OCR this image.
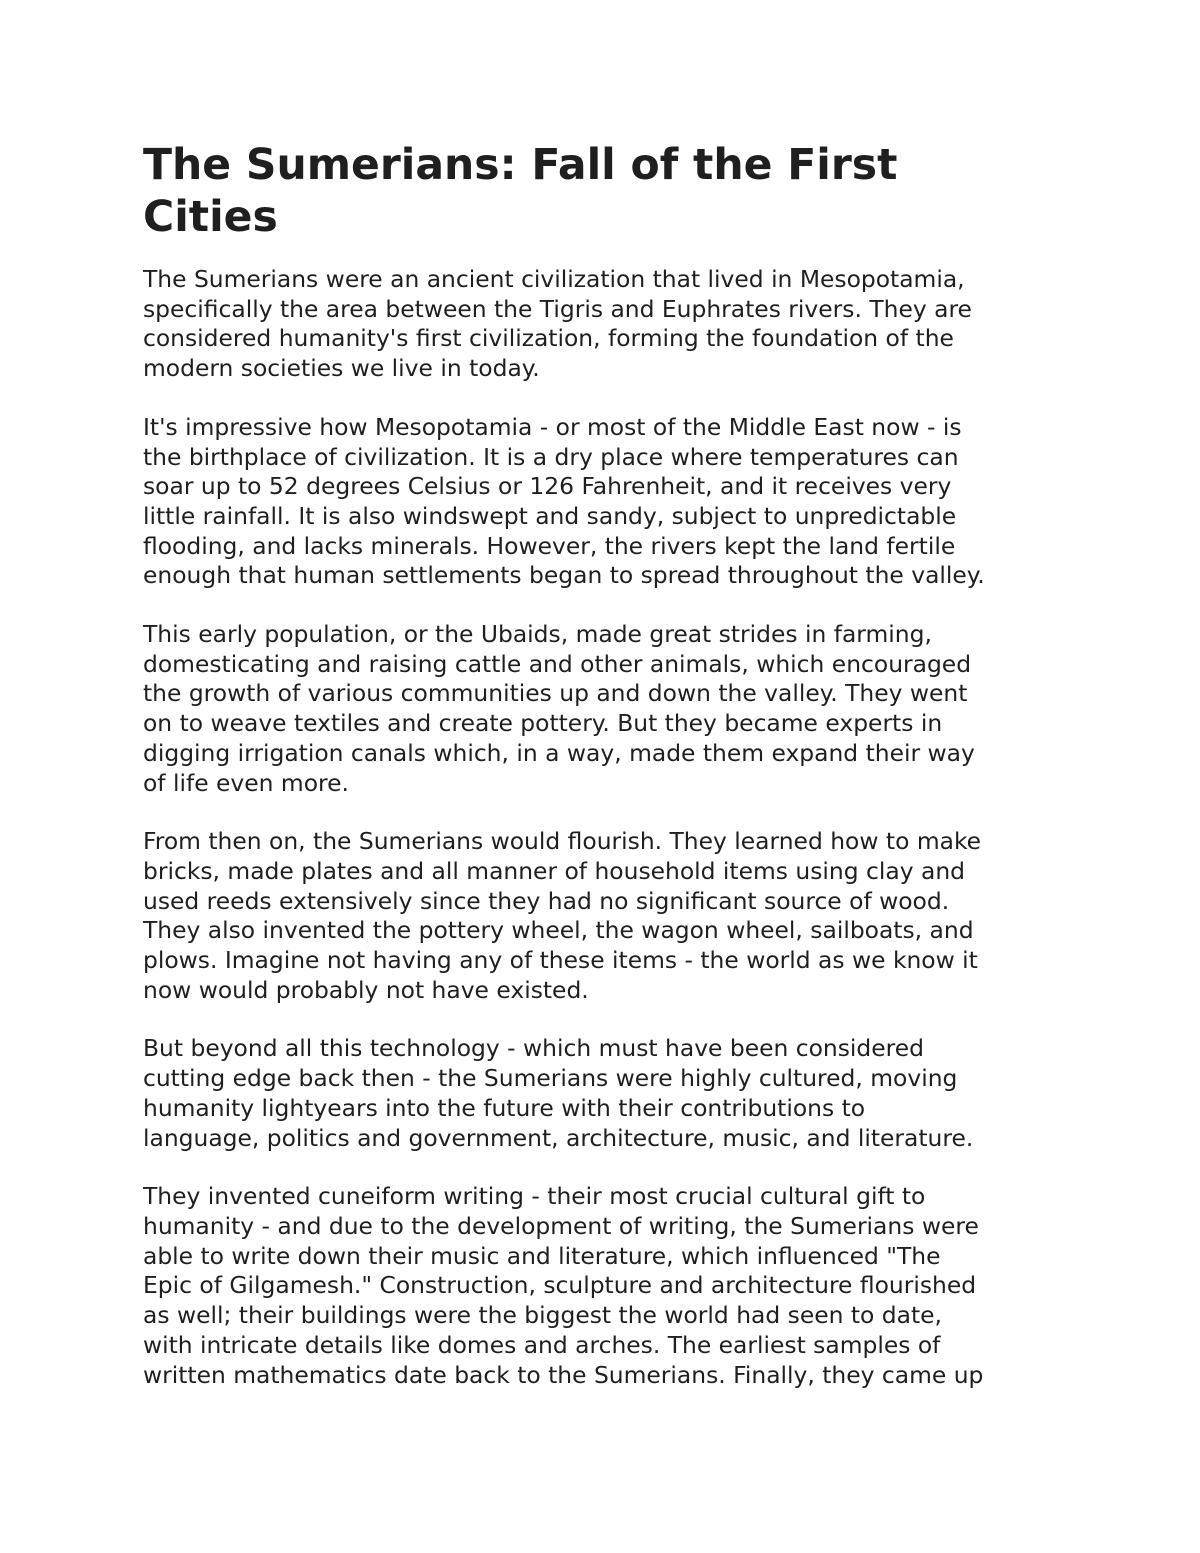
The Sumerians: Fall of the First
Cities

The Sumerians were an ancient civilization that lived in Mesopotamia,
specifically the area between the Tigris and Euphrates rivers. They are
considered humanity's first civilization, forming the foundation of the
modern societies we live in today.

It's impressive how Mesopotamia - or most of the Middle East now - is
the birthplace of civilization. It is a dry place where temperatures can
soar up to 52 degrees Celsius or 126 Fahrenheit, and it receives very
little rainfall. It is also windswept and sandy, subject to unpredictable
flooding, and lacks minerals. However, the rivers kept the land fertile
enough that human settlements began to spread throughout the valley.

This early population, or the Ubaids, made great strides in farming,
domesticating and raising cattle and other animals, which encouraged
the growth of various communities up and down the valley. They went
on to weave textiles and create pottery. But they became experts in
digging irrigation canals which, in a way, made them expand their way
of life even more.

From then on, the Sumerians would flourish. They learned how to make
bricks, made plates and all manner of household items using clay and
used reeds extensively since they had no significant source of wood.
They also invented the pottery wheel, the wagon wheel, sailboats, and
plows. Imagine not having any of these items - the world as we know it
now would probably not have existed.

But beyond all this technology - which must have been considered
cutting edge back then - the Sumerians were highly cultured, moving
humanity lightyears into the future with their contributions to
language, politics and government, architecture, music, and literature.

They invented cuneiform writing - their most crucial cultural gift to
humanity - and due to the development of writing, the Sumerians were
able to write down their music and literature, which influenced "The
Epic of Gilgamesh." Construction, sculpture and architecture flourished
as well; their buildings were the biggest the world had seen to date,
with intricate details like domes and arches. The earliest samples of
written mathematics date back to the Sumerians. Finally, they came up
